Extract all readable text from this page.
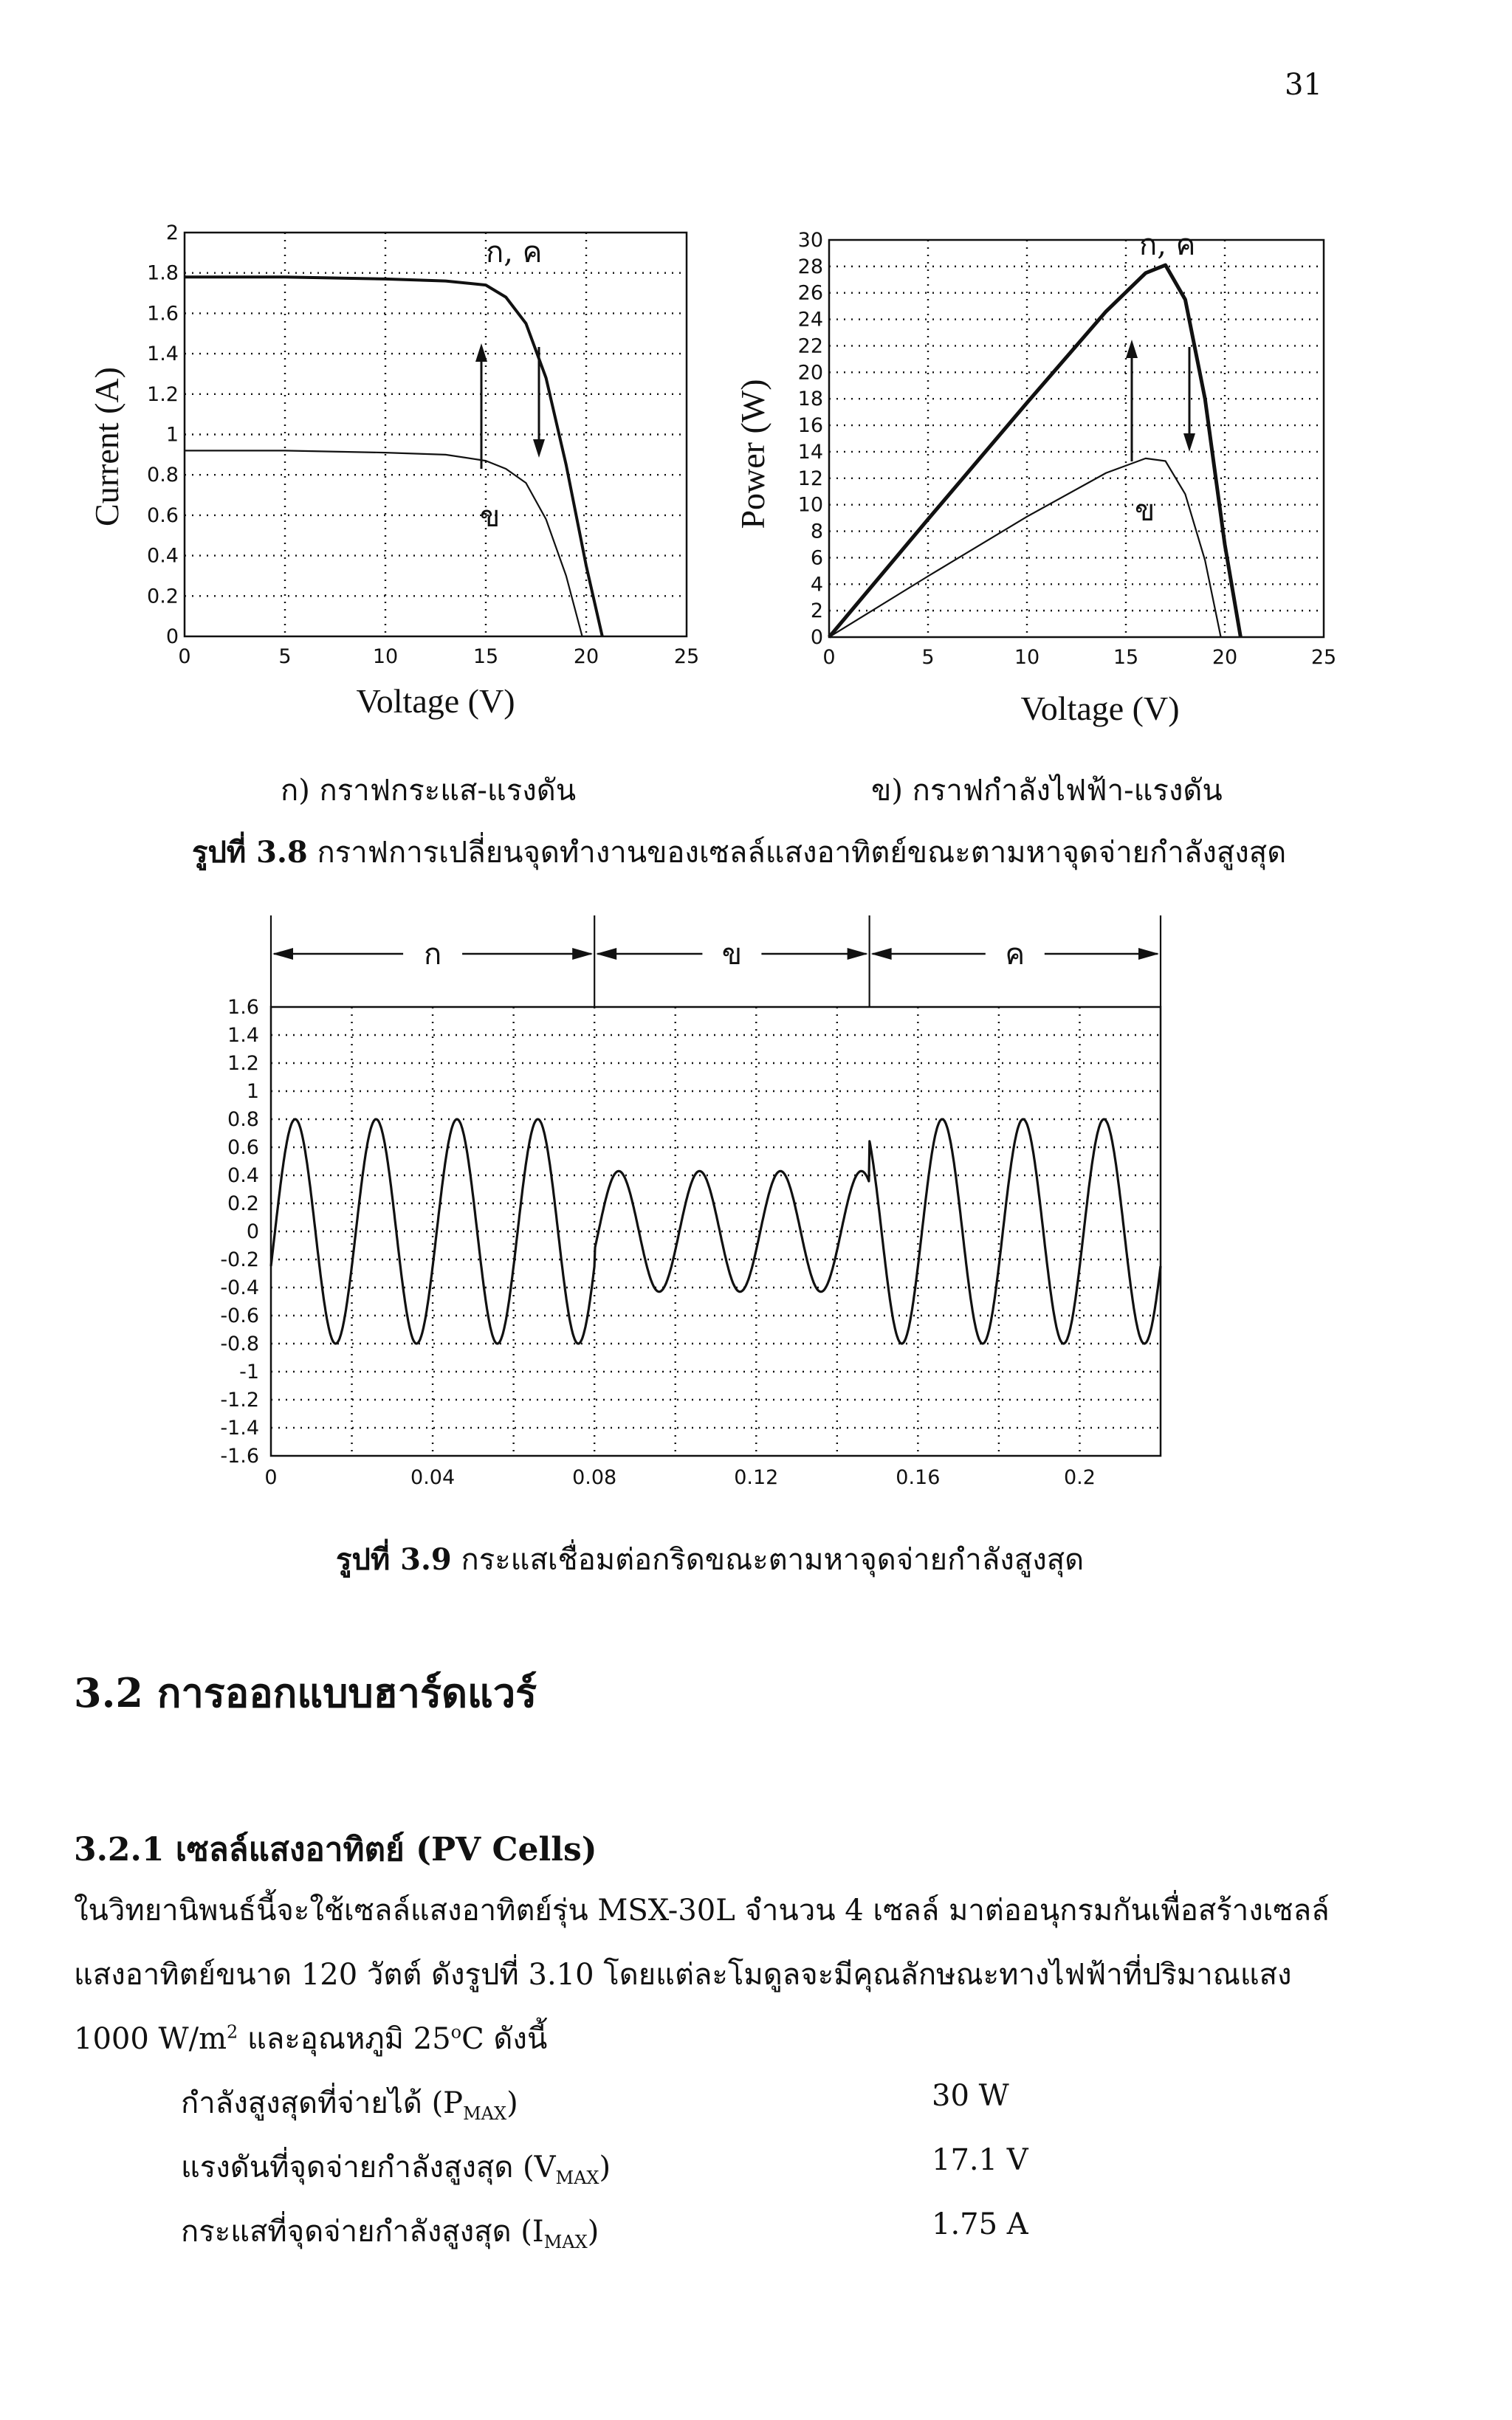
31
0
0.2
0.4
0.6
0.8
1
1.2
1.4
1.6
1.8
2
0	5	10	15	20	25
ก, ค
ข
Current (A)
Voltage (V)
0
2
4
6
8
10
12
14
16
18
20
22
24
26
28
30
0	5	10	15	20	25
ก, ค
ข
Power (W)
Voltage (V)
ก) กราฟกระแส-แรงดัน	ข) กราฟกำลังไฟฟ้า-แรงดัน
รูปที่ 3.8 กราฟการเปลี่ยนจุดทำงานของเซลล์แสงอาทิตย์ขณะตามหาจุดจ่ายกำลังสูงสุด
ก	ข	ค
1.6
1.4
1.2
1
0.8
0.6
0.4
0.2
0
-0.2
-0.4
-0.6
-0.8
-1
-1.2
-1.4
-1.6
0	0.04	0.08	0.12	0.16	0.2
รูปที่ 3.9 กระแสเชื่อมต่อกริดขณะตามหาจุดจ่ายกำลังสูงสุด
3.2 การออกแบบฮาร์ดแวร์
3.2.1 เซลล์แสงอาทิตย์ (PV Cells)
ในวิทยานิพนธ์นี้จะใช้เซลล์แสงอาทิตย์รุ่น MSX-30L จำนวน 4 เซลล์ มาต่ออนุกรมกันเพื่อสร้างเซลล์
แสงอาทิตย์ขนาด 120 วัตต์ ดังรูปที่ 3.10 โดยแต่ละโมดูลจะมีคุณลักษณะทางไฟฟ้าที่ปริมาณแสง
1000 $W/m^2$ และอุณหภูมิ 25$^o$C ดังนี้
กำลังสูงสุดที่จ่ายได้ $(P_{MAX})$	30 W
แรงดันที่จุดจ่ายกำลังสูงสุด $(V_{MAX})$	17.1 V
กระแสที่จุดจ่ายกำลังสูงสุด $(I_{MAX})$	1.75 A
